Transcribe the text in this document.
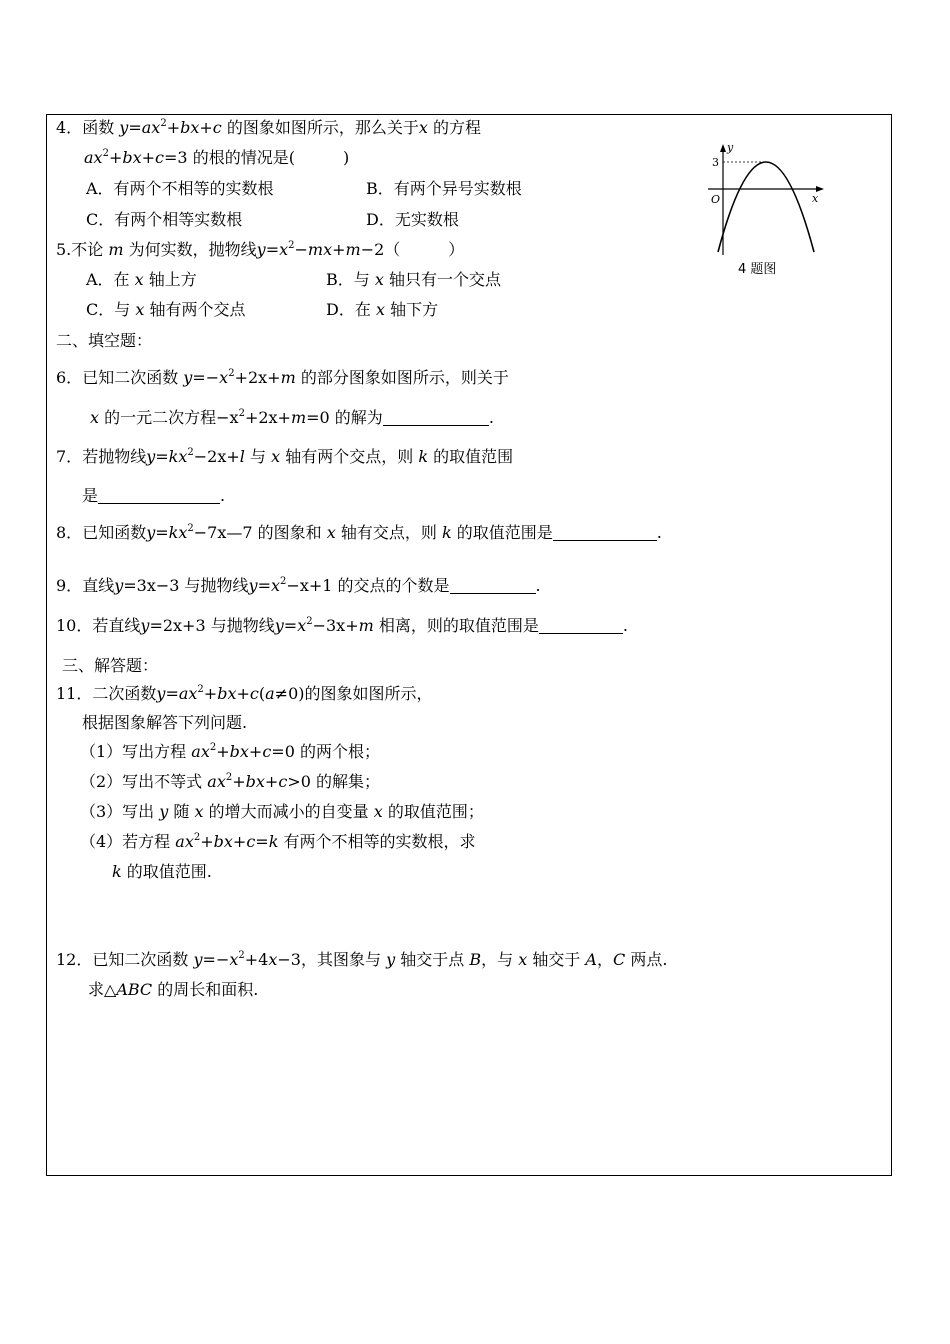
4．函数 $y=ax^2+bx+c$ 的图象如图所示，那么关于x 的方程
$ax^2+bx+c=3$ 的根的情况是(　　　)
A．有两个不相等的实数根	B．有两个异号实数根
C．有两个相等实数根	D．无实数根
y
x
O
3
4 题图
5.不论 m 为何实数，抛物线$y=x^2-mx+m-2$（　　　）
A．在 x 轴上方	B．与 x 轴只有一个交点
C．与 x 轴有两个交点	D．在 x 轴下方
二、填空题：
6．已知二次函数 $y=-x^2+2x+m$ 的部分图象如图所示，则关于
x 的一元二次方程$-x^2+2x+m=0$ 的解为	.
7．若抛物线$y=kx^2-2x+l$ 与 x 轴有两个交点，则 k 的取值范围
是	.
8．已知函数$y=kx^2-7x—7$ 的图象和 x 轴有交点，则 k 的取值范围是	.
9．直线y=3x−3 与抛物线$y=x^2-x+1$ 的交点的个数是	.
10．若直线y=2x+3 与抛物线$y=x^2-3x+m$ 相离，则的取值范围是	.
三、解答题：
11．二次函数$y=ax^2+bx+c(a\ne 0)$的图象如图所示，
根据图象解答下列问题.
（1）写出方程 $ax^2+bx+c=0$ 的两个根；
（2）写出不等式 $ax^2+bx+c>0$ 的解集；
（3）写出 y 随 x 的增大而减小的自变量 x 的取值范围；
（4）若方程 $ax^2+bx+c=k$ 有两个不相等的实数根，求
k 的取值范围.
12．已知二次函数 $y=-x^2+4x-3$，其图象与 y 轴交于点 B，与 x 轴交于 A，C 两点.
求△ABC 的周长和面积.
